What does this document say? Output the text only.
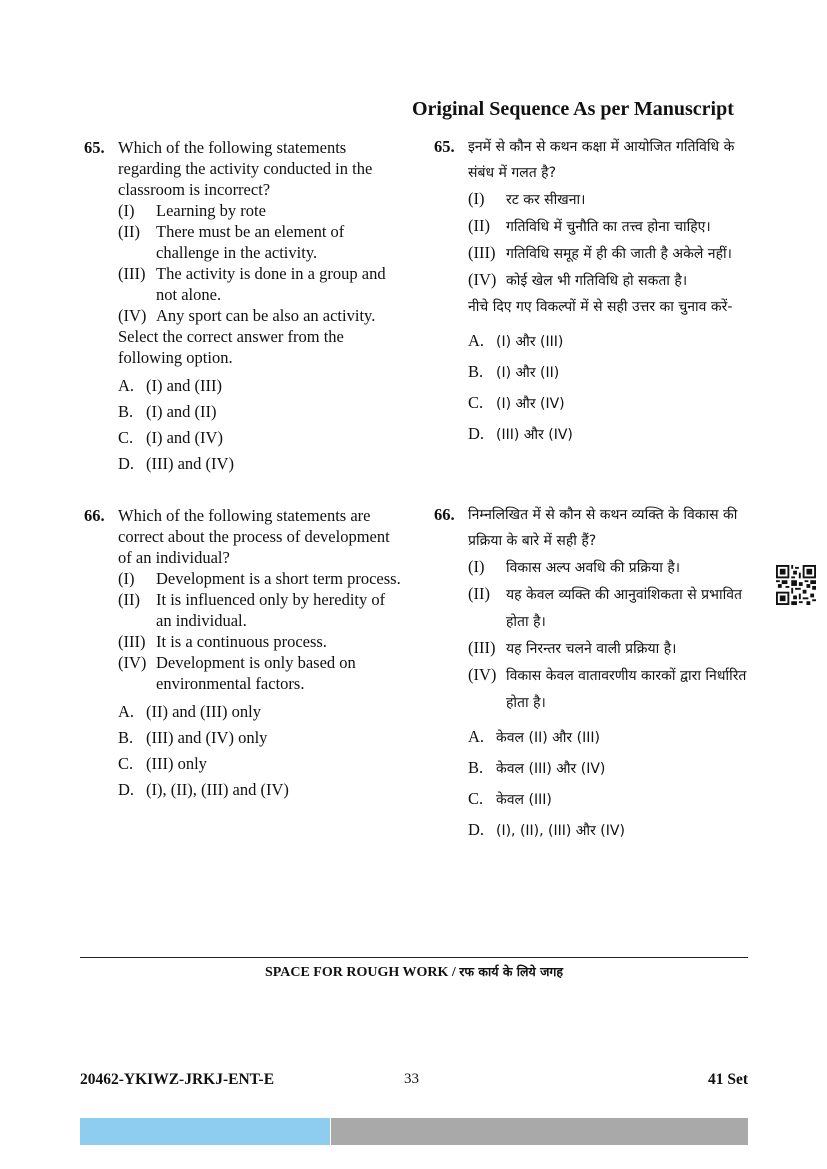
Original Sequence As per Manuscript
65. Which of the following statements regarding the activity conducted in the classroom is incorrect?
(I) Learning by rote
(II) There must be an element of challenge in the activity.
(III) The activity is done in a group and not alone.
(IV) Any sport can be also an activity.
Select the correct answer from the following option.
A. (I) and (III)
B. (I) and (II)
C. (I) and (IV)
D. (III) and (IV)
66. Which of the following statements are correct about the process of development of an individual?
(I) Development is a short term process.
(II) It is influenced only by heredity of an individual.
(III) It is a continuous process.
(IV) Development is only based on environmental factors.
A. (II) and (III) only
B. (III) and (IV) only
C. (III) only
D. (I), (II), (III) and (IV)
65. इनमें से कौन से कथन कक्षा में आयोजित गतिविधि के संबंध में गलत है?
(I) रट कर सीखना।
(II) गतिविधि में चुनौति का तत्त्व होना चाहिए।
(III) गतिविधि समूह में ही की जाती है अकेले नहीं।
(IV) कोई खेल भी गतिविधि हो सकता है।
नीचे दिए गए विकल्पों में से सही उत्तर का चुनाव करें-
A. (I) और (III)
B. (I) और (II)
C. (I) और (IV)
D. (III) और (IV)
66. निम्नलिखित में से कौन से कथन व्यक्ति के विकास की प्रक्रिया के बारे में सही हैं?
(I) विकास अल्प अवधि की प्रक्रिया है।
(II) यह केवल व्यक्ति की आनुवांशिकता से प्रभावित होता है।
(III) यह निरन्तर चलने वाली प्रक्रिया है।
(IV) विकास केवल वातावरणीय कारकों द्वारा निर्धारित होता है।
A. केवल (II) और (III)
B. केवल (III) और (IV)
C. केवल (III)
D. (I), (II), (III) और (IV)
SPACE FOR ROUGH WORK / रफ कार्य के लिये जगह
20462-YKIWZ-JRKJ-ENT-E	33	41 Set
